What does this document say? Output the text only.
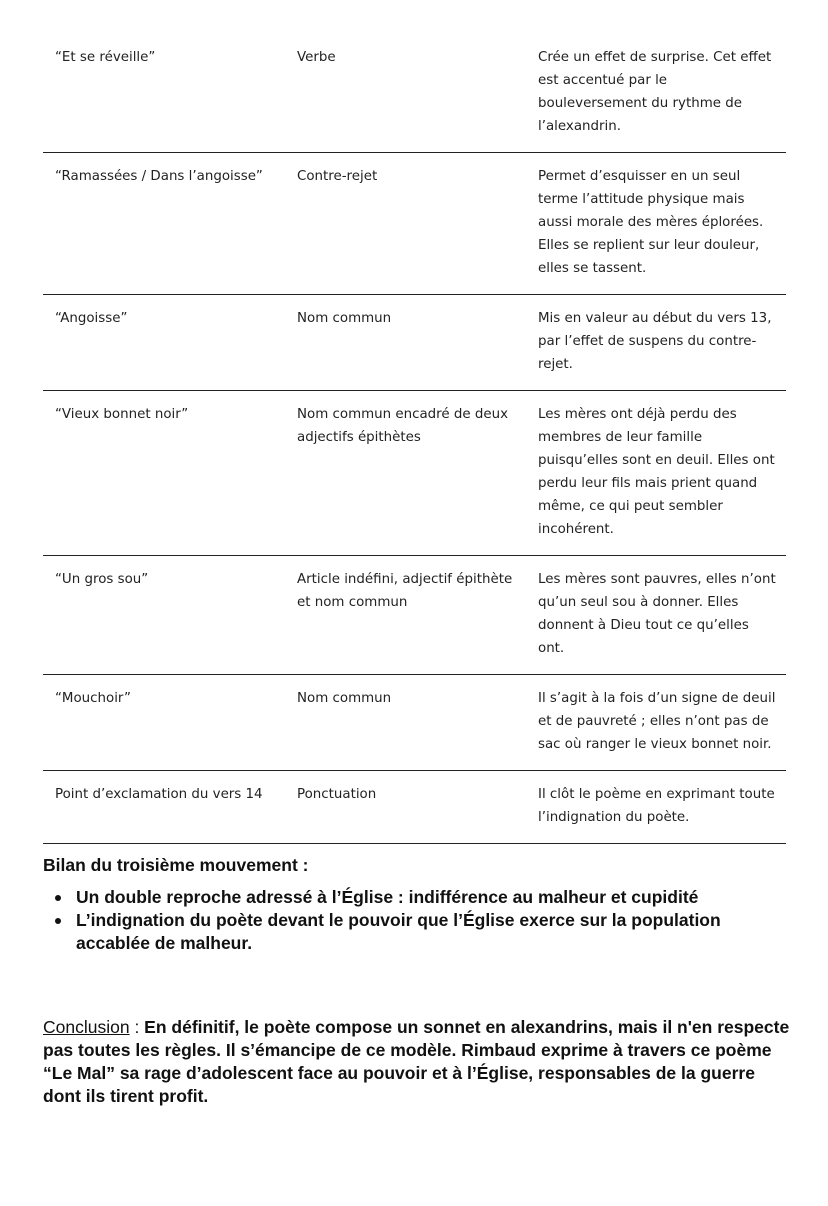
“Et se réveille”	Verbe	Crée un effet de surprise. Cet effet est accentué par le bouleversement du rythme de l’alexandrin.
“Ramassées / Dans l’angoisse”	Contre-rejet	Permet d’esquisser en un seul terme l’attitude physique mais aussi morale des mères éplorées. Elles se replient sur leur douleur, elles se tassent.
“Angoisse”	Nom commun	Mis en valeur au début du vers 13, par l’effet de suspens du contre-rejet.
“Vieux bonnet noir”	Nom commun encadré de deux adjectifs épithètes	Les mères ont déjà perdu des membres de leur famille puisqu’elles sont en deuil. Elles ont perdu leur fils mais prient quand même, ce qui peut sembler incohérent.
“Un gros sou”	Article indéfini, adjectif épithète et nom commun	Les mères sont pauvres, elles n’ont qu’un seul sou à donner. Elles donnent à Dieu tout ce qu’elles ont.
“Mouchoir”	Nom commun	Il s’agit à la fois d’un signe de deuil et de pauvreté ; elles n’ont pas de sac où ranger le vieux bonnet noir.
Point d’exclamation du vers 14	Ponctuation	Il clôt le poème en exprimant toute l’indignation du poète.
Bilan du troisième mouvement :
Un double reproche adressé à l’Église : indifférence au malheur et cupidité
L’indignation du poète devant le pouvoir que l’Église exerce sur la population accablée de malheur.
Conclusion : En définitif, le poète compose un sonnet en alexandrins, mais il n'en respecte pas toutes les règles. Il s’émancipe de ce modèle. Rimbaud exprime à travers ce poème “Le Mal” sa rage d’adolescent face au pouvoir et à l’Église, responsables de la guerre dont ils tirent profit.
